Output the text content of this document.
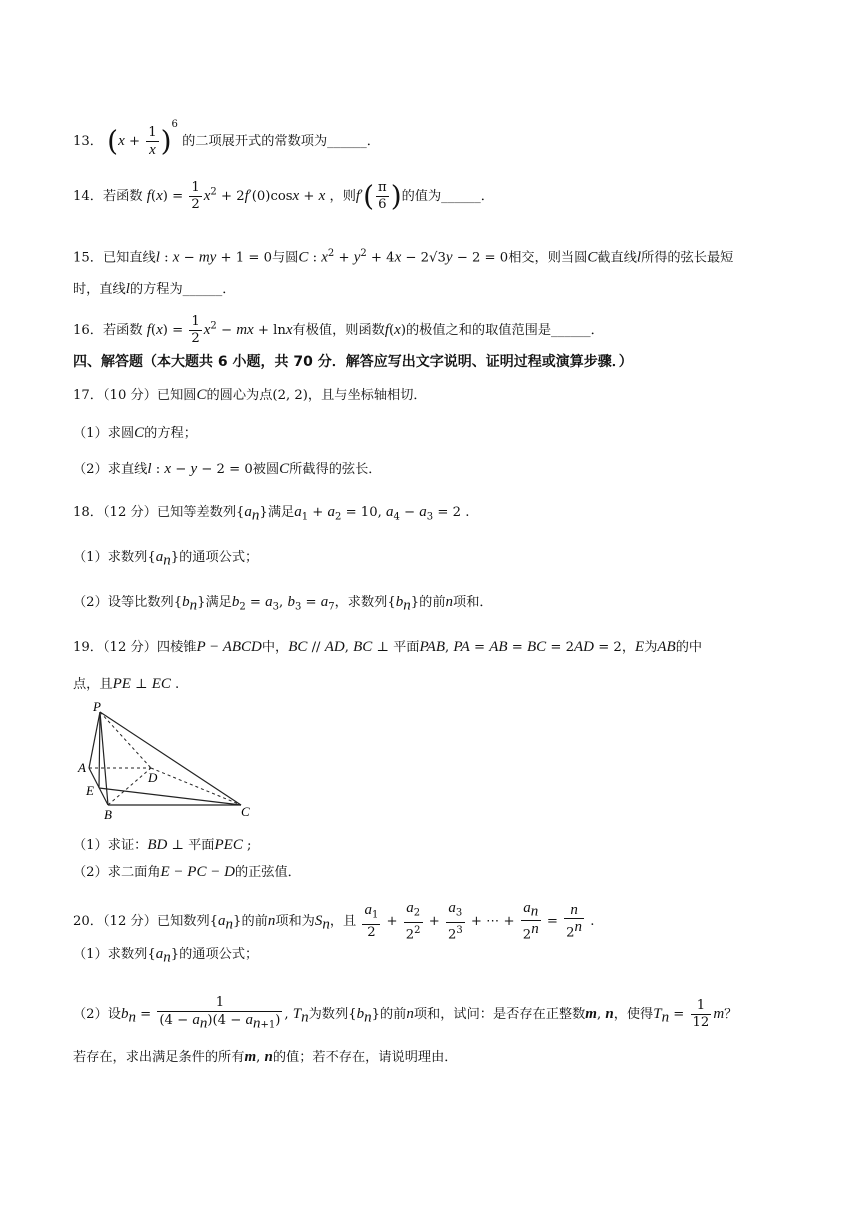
13． $(x + \frac{1}{x} )^6$ 的二项展开式的常数项为______．
14．若函数 $f(x) = \frac{1}{2} x^2 + 2f'(0)\cos x + x$ ，则$f'( \frac{\pi}{6}$ )的值为______．
15．已知直线l : x − my + 1 = 0与圆C : $x^2 + y^2 + 4x - 2√3y - 2 = 0$相交，则当圆C截直线l所得的弦长最短
时，直线l的方程为______．
16．若函数 $f(x) = \frac{1}{2} x^2$ − mx + lnx有极值，则函数f(x)的极值之和的取值范围是______．
四、解答题（本大题共 6 小题，共 70 分．解答应写出文字说明、证明过程或演算步骤．）
17．（10 分）已知圆C的圆心为点(2, 2)，且与坐标轴相切．
（1）求圆C的方程；
（2）求直线l : x − y − 2 = 0被圆C所截得的弦长．
18．（12 分）已知等差数列$\{a_n\}$满足$a_1 + a_2 = 10$, $a_4 - a_3 = 2$ .
（1）求数列$\{a_n\}$的通项公式；
（2）设等比数列$\{b_n\}$满足$b_2 = a_3$, $b_3 = a_7$，求数列$\{b_n\}$的前n项和．
19．（12 分）四棱锥P − ABCD中，BC // AD, BC ⊥ 平面PAB, PA = AB = BC = 2AD = 2，E为AB的中
点，且PE ⊥ EC .
P
A
D
E
B	C
（1）求证：BD ⊥ 平面PEC ;
（2）求二面角E − PC − D的正弦值．
20．（12 分）已知数列$\{a_n\}$的前n项和为$S_n$，且 $\frac{a_1}{2} + \frac{a_2}{2^2} + \frac{a_3}{2^3}$ + ⋯ + $\frac{a_n}{2^n} = \frac{n}{2^n}$ .
（1）求数列$\{a_n\}$的通项公式；
（2）设$b_n = \frac{1}{(4 - a_n)(4 - a_{n+1})}$ , $T_n$为数列$\{b_n\}$的前n项和，试问：是否存在正整数m, n，使得$T_n = \frac{1}{12}$ m？
若存在，求出满足条件的所有m, n的值；若不存在，请说明理由．
